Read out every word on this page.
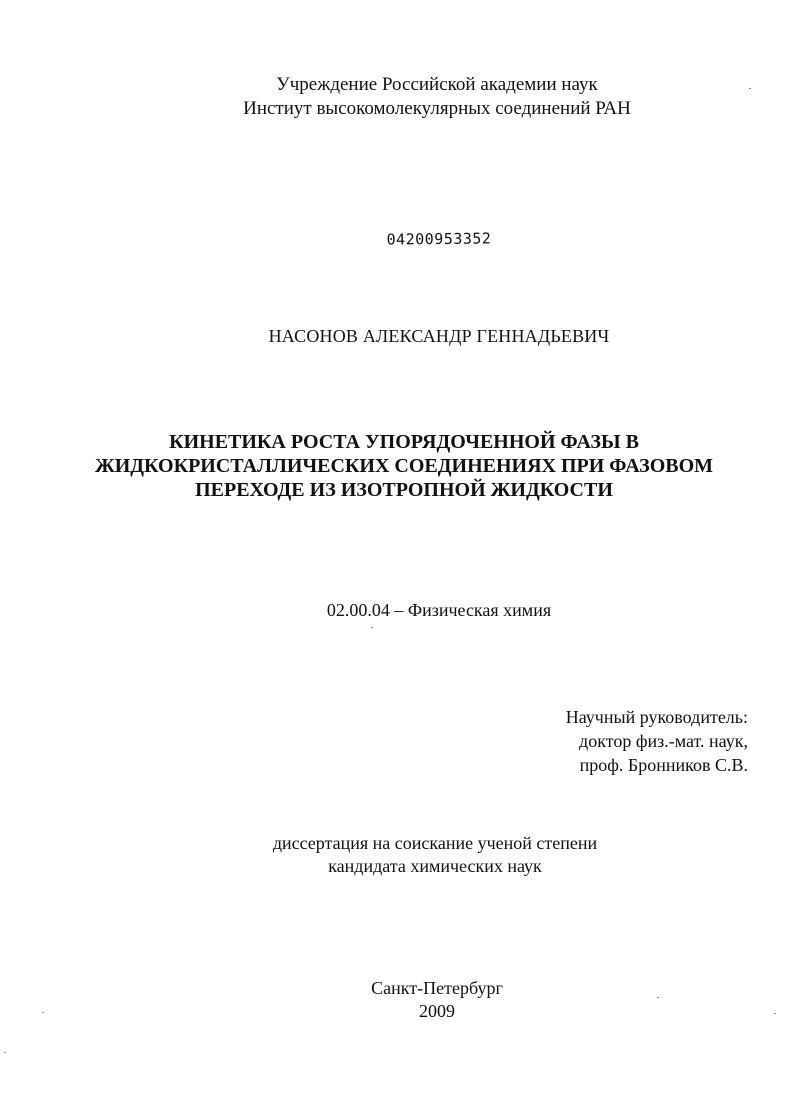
Учреждение Российской академии наук
Инстиут высокомолекулярных соединений РАН
04200953352
НАСОНОВ АЛЕКСАНДР ГЕННАДЬЕВИЧ
КИНЕТИКА РОСТА УПОРЯДОЧЕННОЙ ФАЗЫ В
ЖИДКОКРИСТАЛЛИЧЕСКИХ СОЕДИНЕНИЯХ ПРИ ФАЗОВОМ
ПЕРЕХОДЕ ИЗ ИЗОТРОПНОЙ ЖИДКОСТИ
02.00.04 – Физическая химия
Научный руководитель:
доктор физ.-мат. наук,
проф. Бронников С.В.
диссертация на соискание ученой степени
кандидата химических наук
Санкт-Петербург
2009
